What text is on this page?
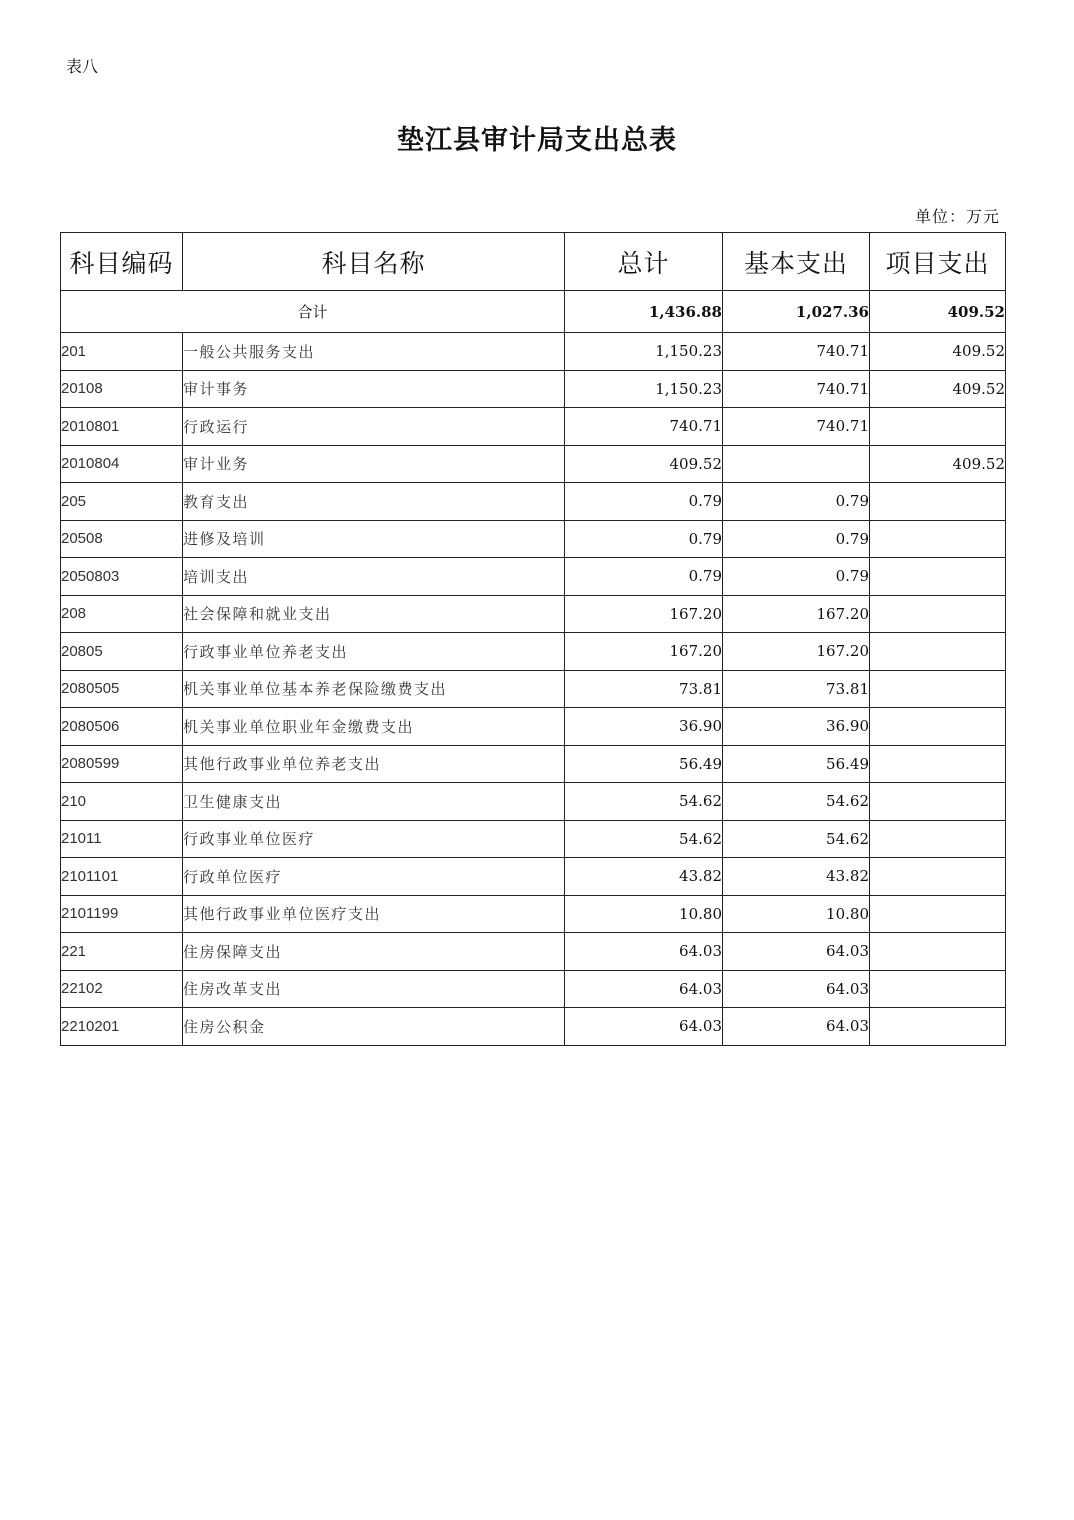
表八
垫江县审计局支出总表
单位：万元
科目编码	科目名称	总计	基本支出	项目支出
合计		1,436.88	1,027.36	409.52
201	一般公共服务支出	1,150.23	740.71	409.52
20108	审计事务	1,150.23	740.71	409.52
2010801	行政运行	740.71	740.71	
2010804	审计业务	409.52		409.52
205	教育支出	0.79	0.79	
20508	进修及培训	0.79	0.79	
2050803	培训支出	0.79	0.79	
208	社会保障和就业支出	167.20	167.20	
20805	行政事业单位养老支出	167.20	167.20	
2080505	机关事业单位基本养老保险缴费支出	73.81	73.81	
2080506	机关事业单位职业年金缴费支出	36.90	36.90	
2080599	其他行政事业单位养老支出	56.49	56.49	
210	卫生健康支出	54.62	54.62	
21011	行政事业单位医疗	54.62	54.62	
2101101	行政单位医疗	43.82	43.82	
2101199	其他行政事业单位医疗支出	10.80	10.80	
221	住房保障支出	64.03	64.03	
22102	住房改革支出	64.03	64.03	
2210201	住房公积金	64.03	64.03	
